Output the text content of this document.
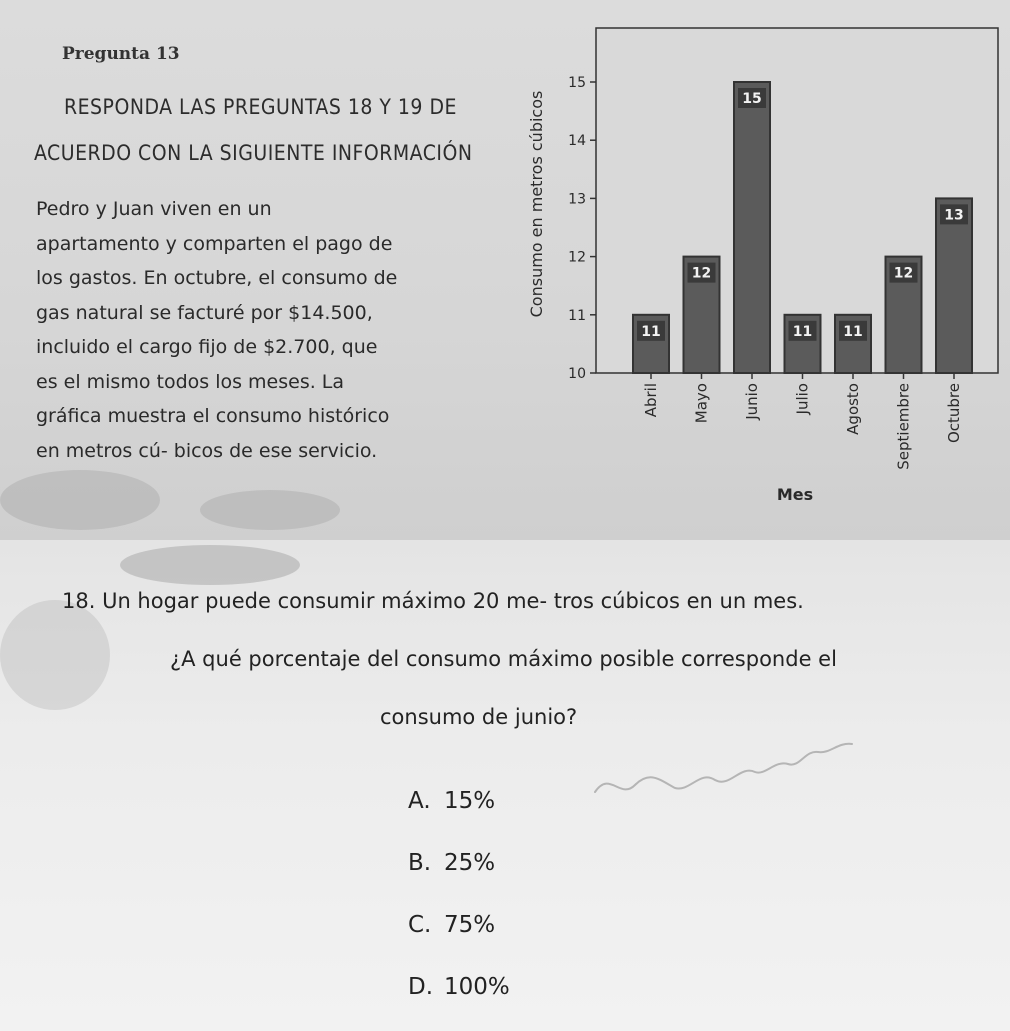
Pregunta 13
RESPONDA LAS PREGUNTAS 18 Y 19 DE
ACUERDO CON LA SIGUIENTE INFORMACIÓN
Pedro y Juan viven en un
apartamento y comparten el pago de
los gastos. En octubre, el consumo de
gas natural se facturé por $14.500,
incluido el cargo fijo de $2.700, que
es el mismo todos los meses. La
gráfica muestra el consumo histórico
en metros cú- bicos de ese servicio.
10
11
12
13
14
15
11
12
15
11 11
12
13
Abril Mayo Junio Julio Agosto Septiembre Octubre
Consumo en metros cúbicos
Mes
18. Un hogar puede consumir máximo 20 me- tros cúbicos en un mes.
¿A qué porcentaje del consumo máximo posible corresponde el
consumo de junio?
A. 15%
B. 25%
C. 75%
D. 100%
